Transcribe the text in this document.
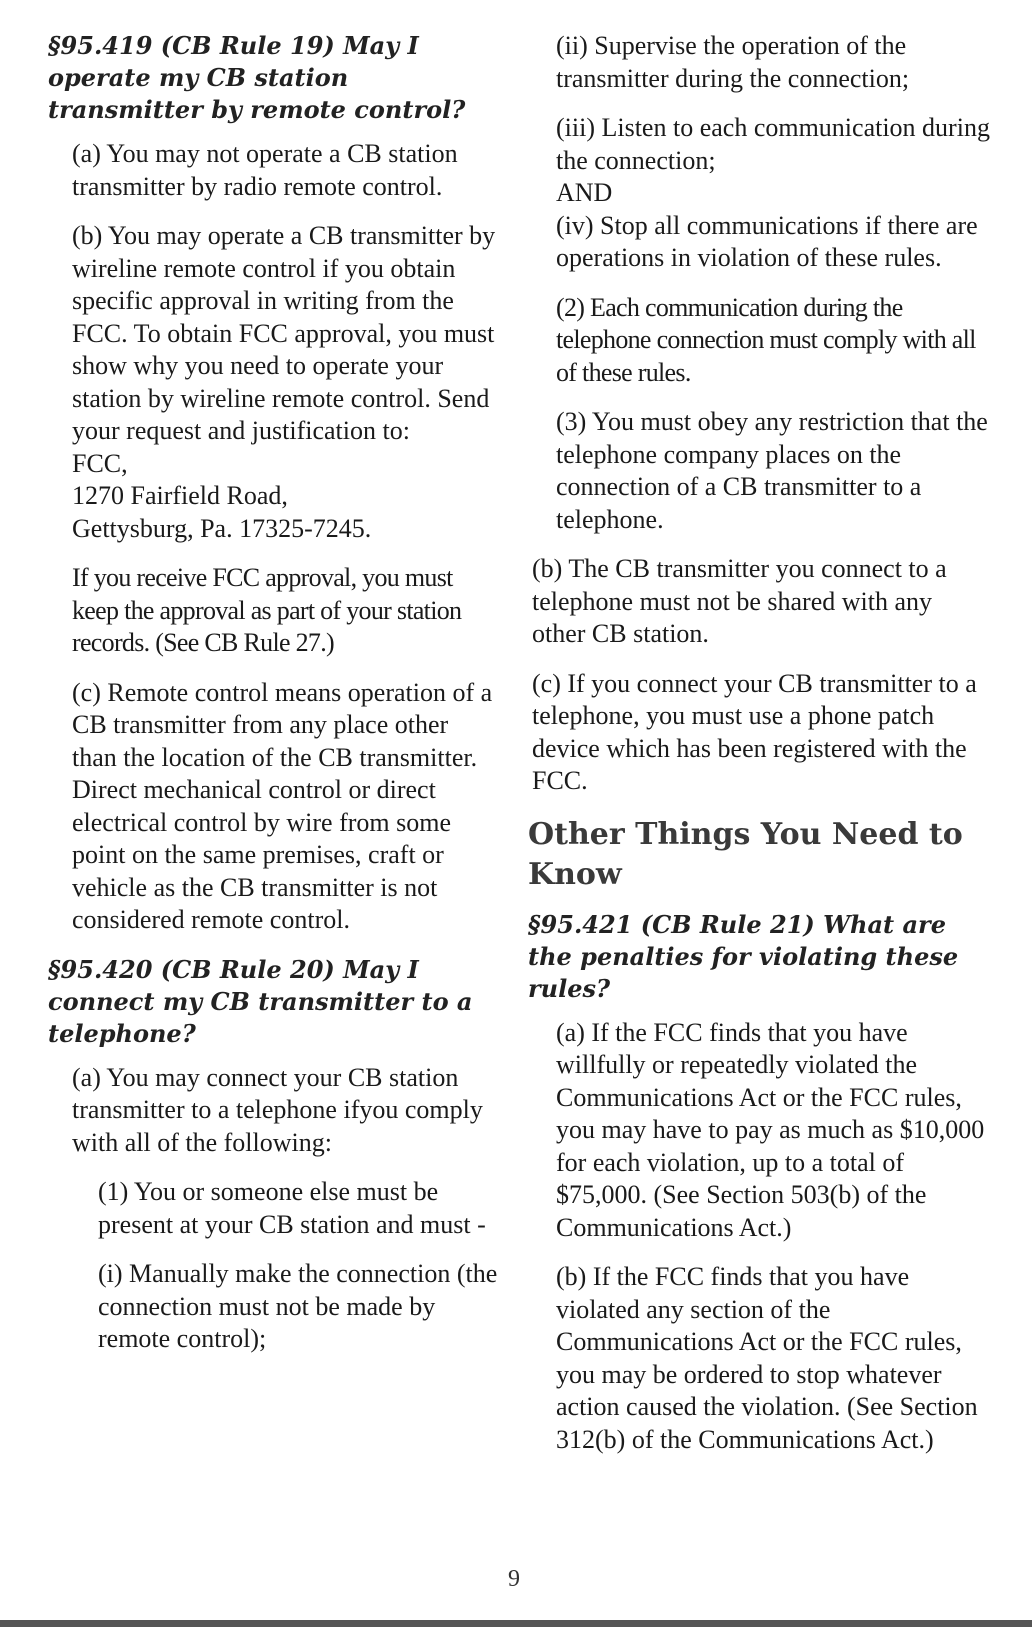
§95.419 (CB Rule 19) May I operate my CB station transmitter by remote control?

(a) You may not operate a CB station transmitter by radio remote control.

(b) You may operate a CB transmitter by wireline remote control if you obtain specific approval in writing from the FCC. To obtain FCC approval, you must show why you need to operate your station by wireline remote control. Send your request and justification to:

FCC,

1270 Fairfield Road,

Gettysburg, Pa. 17325-7245.

If you receive FCC approval, you must keep the approval as part of your station records. (See CB Rule 27.)

(c) Remote control means operation of a CB transmitter from any place other than the location of the CB transmitter. Direct mechanical control or direct electrical control by wire from some point on the same premises, craft or vehicle as the CB transmitter is not considered remote control.

§95.420 (CB Rule 20) May I connect my CB transmitter to a telephone?

(a) You may connect your CB station transmitter to a telephone ifyou comply with all of the following:

(1) You or someone else must be present at your CB station and must -

(i) Manually make the connection (the connection must not be made by remote control);

(ii) Supervise the operation of the transmitter during the connection;

(iii) Listen to each communication during the connection;

AND

(iv) Stop all communications if there are operations in violation of these rules.

(2) Each communication during the telephone connection must comply with all of these rules.

(3) You must obey any restriction that the telephone company places on the connection of a CB transmitter to a telephone.

(b) The CB transmitter you connect to a telephone must not be shared with any other CB station.

(c) If you connect your CB transmitter to a telephone, you must use a phone patch device which has been registered with the FCC.

Other Things You Need to Know
§95.421 (CB Rule 21) What are the penalties for violating these rules?

(a) If the FCC finds that you have willfully or repeatedly violated the Communications Act or the FCC rules, you may have to pay as much as $10,000 for each violation, up to a total of $75,000. (See Section 503(b) of the Communications Act.)

(b) If the FCC finds that you have violated any section of the Communications Act or the FCC rules, you may be ordered to stop whatever action caused the violation. (See Section 312(b) of the Communications Act.)

9
